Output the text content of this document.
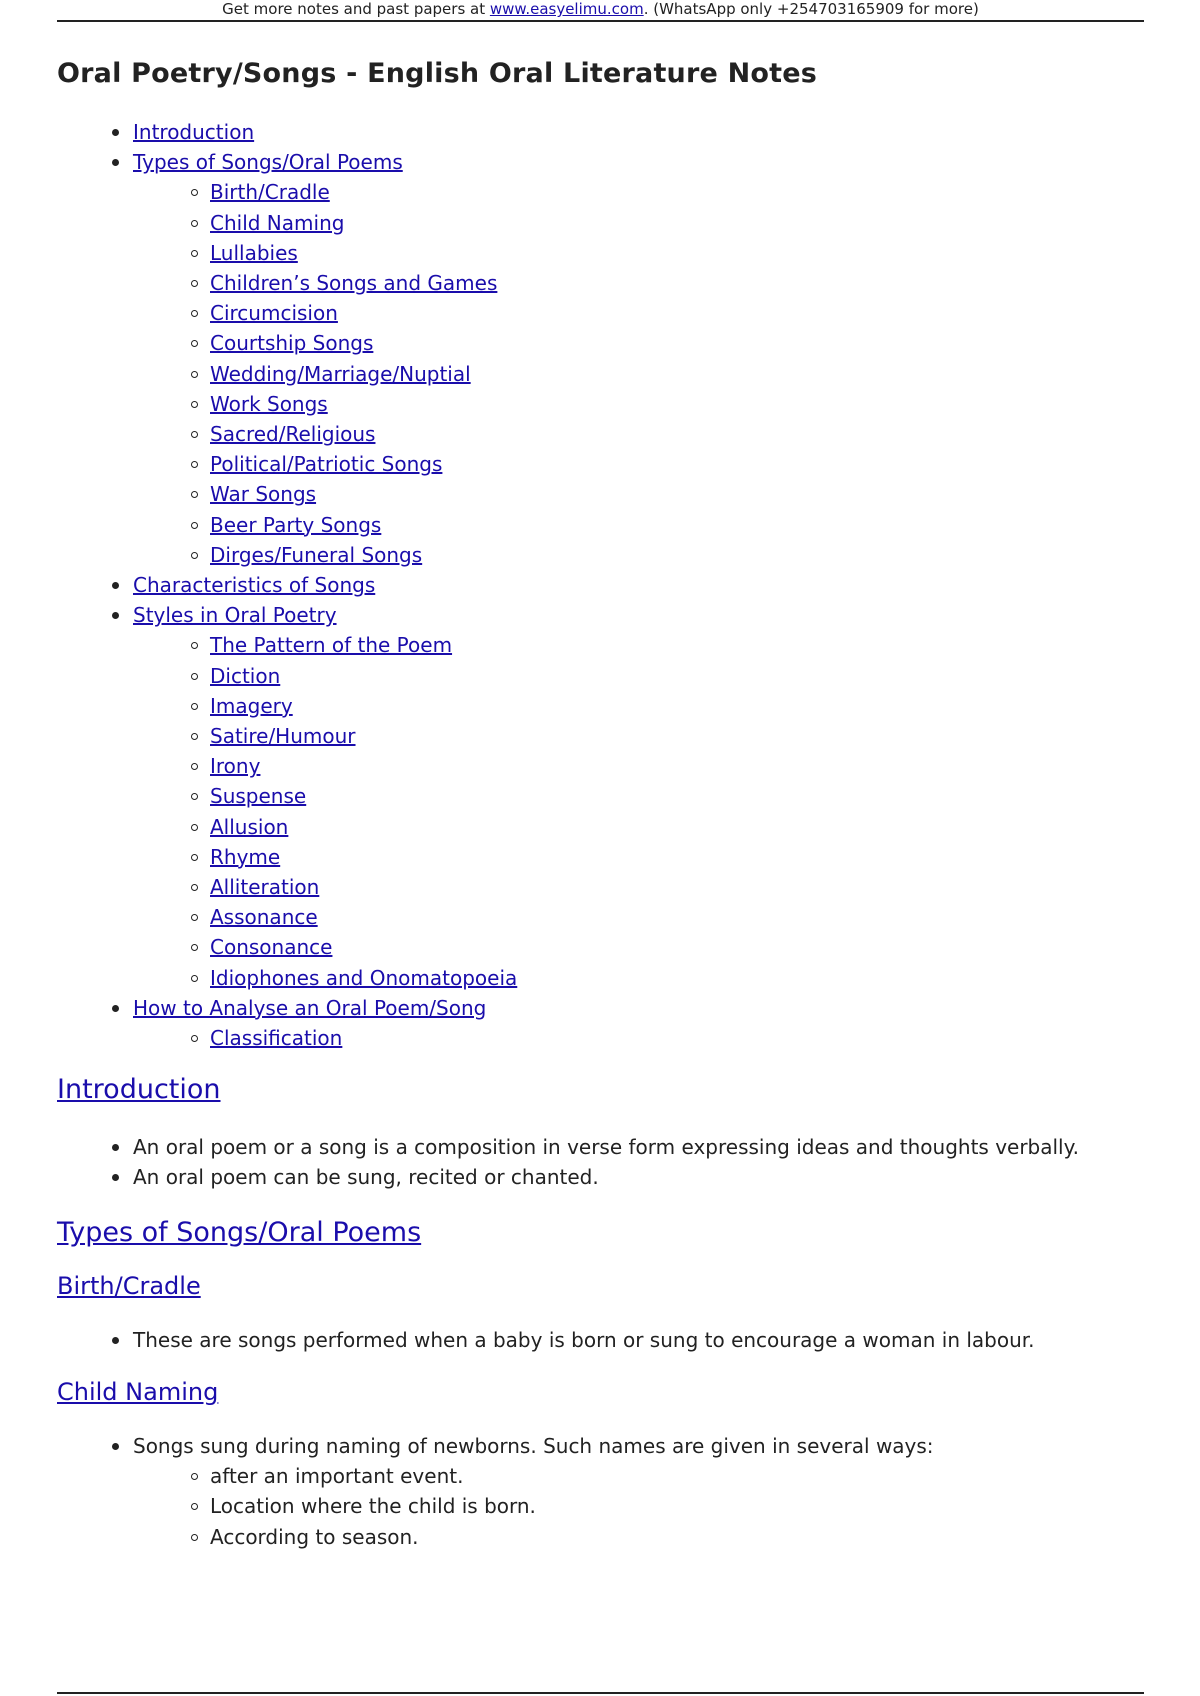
Get more notes and past papers at www.easyelimu.com. (WhatsApp only +254703165909 for more)
Oral Poetry/Songs - English Oral Literature Notes
Introduction
Types of Songs/Oral Poems
Birth/Cradle
Child Naming
Lullabies
Children’s Songs and Games
Circumcision
Courtship Songs
Wedding/Marriage/Nuptial
Work Songs
Sacred/Religious
Political/Patriotic Songs
War Songs
Beer Party Songs
Dirges/Funeral Songs
Characteristics of Songs
Styles in Oral Poetry
The Pattern of the Poem
Diction
Imagery
Satire/Humour
Irony
Suspense
Allusion
Rhyme
Alliteration
Assonance
Consonance
Idiophones and Onomatopoeia
How to Analyse an Oral Poem/Song
Classification
Introduction
An oral poem or a song is a composition in verse form expressing ideas and thoughts verbally.
An oral poem can be sung, recited or chanted.
Types of Songs/Oral Poems
Birth/Cradle
These are songs performed when a baby is born or sung to encourage a woman in labour.
Child Naming
Songs sung during naming of newborns. Such names are given in several ways:
after an important event.
Location where the child is born.
According to season.
